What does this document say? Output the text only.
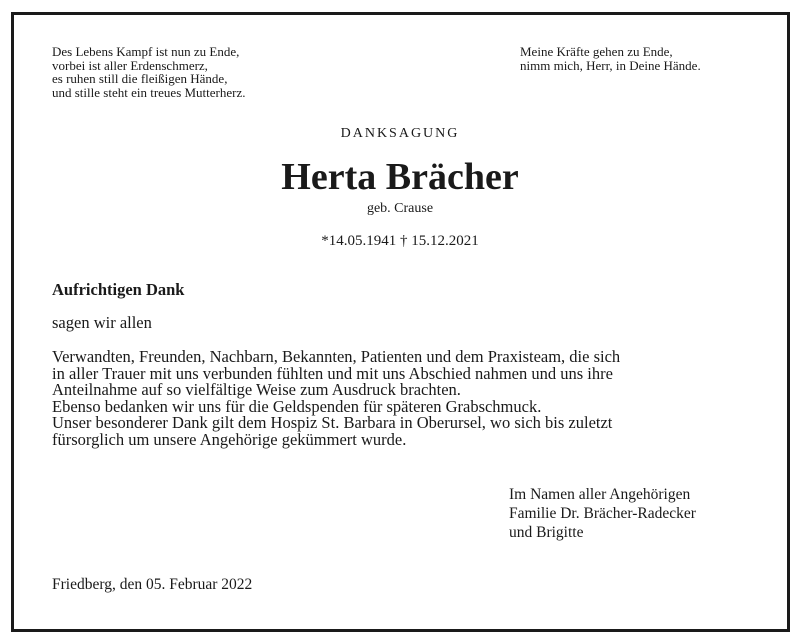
Des Lebens Kampf ist nun zu Ende,
vorbei ist aller Erdenschmerz,
es ruhen still die fleißigen Hände,
und stille steht ein treues Mutterherz.
Meine Kräfte gehen zu Ende,
nimm mich, Herr, in Deine Hände.
DANKSAGUNG
Herta Brächer
geb. Crause
*14.05.1941 † 15.12.2021
Aufrichtigen Dank
sagen wir allen
Verwandten, Freunden, Nachbarn, Bekannten, Patienten und dem Praxisteam, die sich
in aller Trauer mit uns verbunden fühlten und mit uns Abschied nahmen und uns ihre
Anteilnahme auf so vielfältige Weise zum Ausdruck brachten.
Ebenso bedanken wir uns für die Geldspenden für späteren Grabschmuck.
Unser besonderer Dank gilt dem Hospiz St. Barbara in Oberursel, wo sich bis zuletzt
fürsorglich um unsere Angehörige gekümmert wurde.
Im Namen aller Angehörigen
Familie Dr. Brächer-Radecker
und Brigitte
Friedberg, den 05. Februar 2022
